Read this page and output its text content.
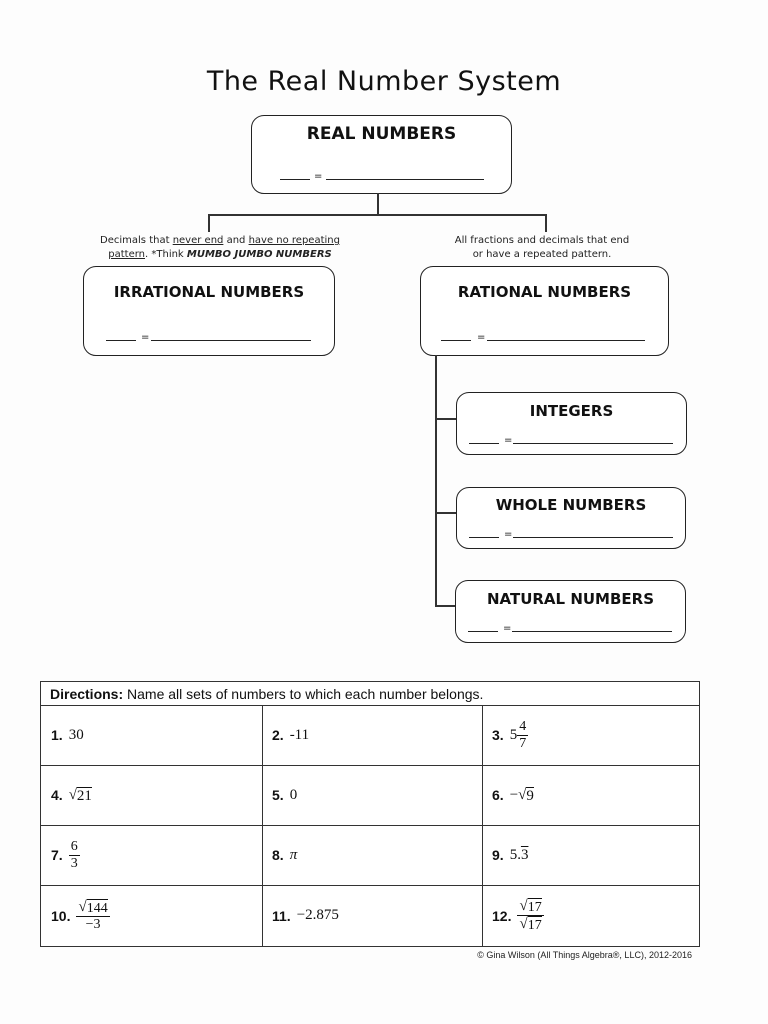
The Real Number System
REAL NUMBERS
=
Decimals that never end and have no repeating
pattern. *Think MUMBO JUMBO NUMBERS
All fractions and decimals that end
or have a repeated pattern.
IRRATIONAL NUMBERS
=
RATIONAL NUMBERS
=
INTEGERS
=
WHOLE NUMBERS
=
NATURAL NUMBERS
=
Directions: Name all sets of numbers to which each number belongs.
1. 30	2. -11	3. $5 \frac{4}{7}$
4. √ 21	5. 0	6. − √ 9
7. $\frac{6}{3}$	8. π	9. 5. 3
10. $\frac{√ 144}{-3}$	11. −2.875	12. $\frac{√ 17}{√ 17}$
© Gina Wilson (All Things Algebra®, LLC), 2012-2016
